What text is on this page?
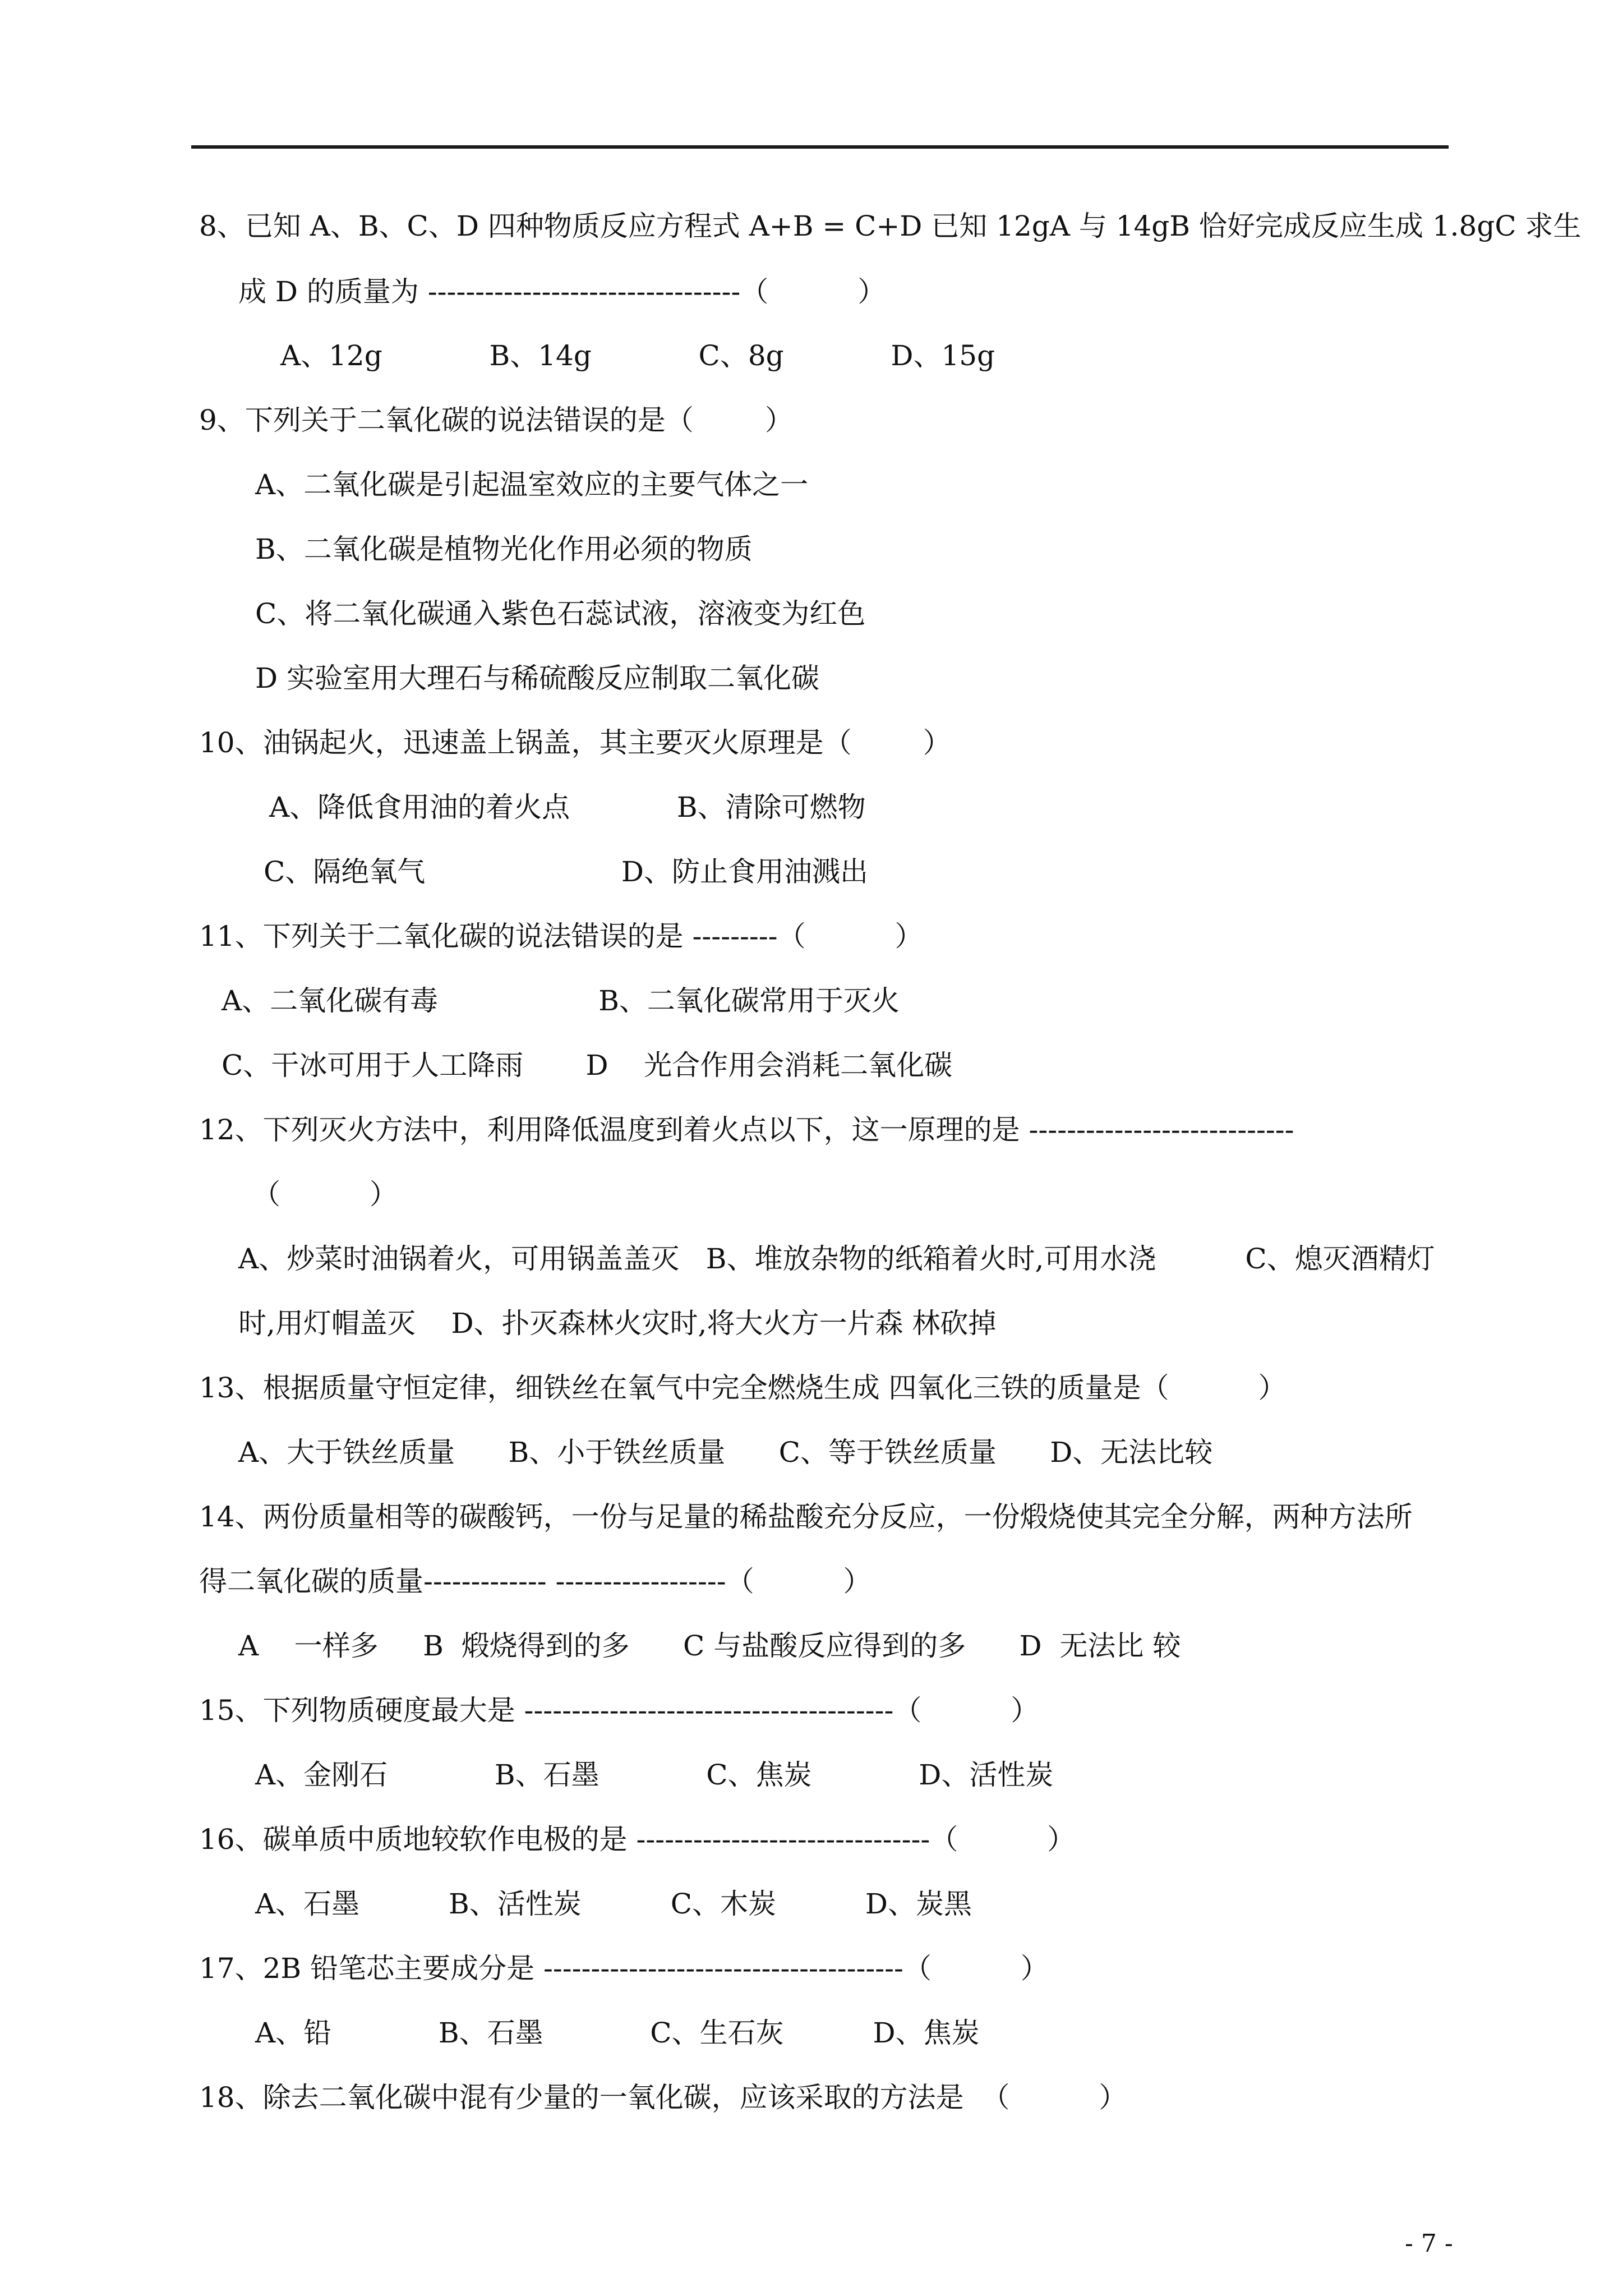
8、已知 A、B、C、D 四种物质反应方程式 A+B = C+D 已知 12gA 与 14gB 恰好完成反应生成 1.8gC 求生
成 D 的质量为 ---------------------------------（          ）
A、12g            B、14g            C、8g            D、15g
9、下列关于二氧化碳的说法错误的是（        ）
A、二氧化碳是引起温室效应的主要气体之一
B、二氧化碳是植物光化作用必须的物质
C、将二氧化碳通入紫色石蕊试液，溶液变为红色
D 实验室用大理石与稀硫酸反应制取二氧化碳
10、油锅起火，迅速盖上锅盖，其主要灭火原理是（        ）
A、降低食用油的着火点            B、清除可燃物
C、隔绝氧气                      D、防止食用油溅出
11、下列关于二氧化碳的说法错误的是 ---------（          ）
A、二氧化碳有毒                  B、二氧化碳常用于灭火
C、干冰可用于人工降雨       D    光合作用会消耗二氧化碳
12、下列灭火方法中，利用降低温度到着火点以下，这一原理的是 ----------------------------
（          ）
A、炒菜时油锅着火，可用锅盖盖灭   B、堆放杂物的纸箱着火时,可用水浇          C、熄灭酒精灯
时,用灯帽盖灭    D、扑灭森林火灾时,将大火方一片森 林砍掉
13、根据质量守恒定律，细铁丝在氧气中完全燃烧生成 四氧化三铁的质量是（          ）
A、大于铁丝质量      B、小于铁丝质量      C、等于铁丝质量      D、无法比较
14、两份质量相等的碳酸钙，一份与足量的稀盐酸充分反应，一份煅烧使其完全分解，两种方法所
得二氧化碳的质量------------- ------------------（          ）
A    一样多     B  煅烧得到的多      C 与盐酸反应得到的多      D  无法比 较
15、下列物质硬度最大是 ---------------------------------------（          ）
A、金刚石            B、石墨            C、焦炭            D、活性炭
16、碳单质中质地较软作电极的是 -------------------------------（          ）
A、石墨          B、活性炭          C、木炭          D、炭黑
17、2B 铅笔芯主要成分是 --------------------------------------（          ）
A、铅            B、石墨            C、生石灰          D、焦炭
18、除去二氧化碳中混有少量的一氧化碳，应该采取的方法是  （          ）
- 7 -
